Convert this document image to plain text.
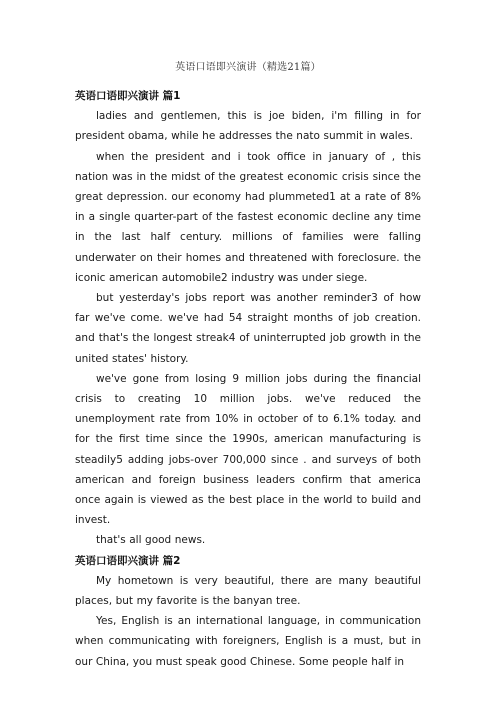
英语口语即兴演讲（精选21篇）
英语口语即兴演讲 篇1

ladies and gentlemen, this is joe biden, i'm filling in for president obama, while he addresses the nato summit in wales.

when the president and i took office in january of , this nation was in the midst of the greatest economic crisis since the great depression. our economy had plummeted1 at a rate of 8% in a single quarter-part of the fastest economic decline any time in the last half century. millions of families were falling underwater on their homes and threatened with foreclosure. the iconic american automobile2 industry was under siege.

but yesterday's jobs report was another reminder3 of how far we've come. we've had 54 straight months of job creation. and that's the longest streak4 of uninterrupted job growth in the united states' history.

we've gone from losing 9 million jobs during the financial crisis to creating 10 million jobs. we've reduced the unemployment rate from 10% in october of to 6.1% today. and for the first time since the 1990s, american manufacturing is steadily5 adding jobs-over 700,000 since . and surveys of both american and foreign business leaders confirm that america once again is viewed as the best place in the world to build and invest.

that's all good news.

英语口语即兴演讲 篇2

My hometown is very beautiful, there are many beautiful places, but my favorite is the banyan tree.

Yes, English is an international language, in communication when communicating with foreigners, English is a must, but in our China, you must speak good Chinese. Some people half in
